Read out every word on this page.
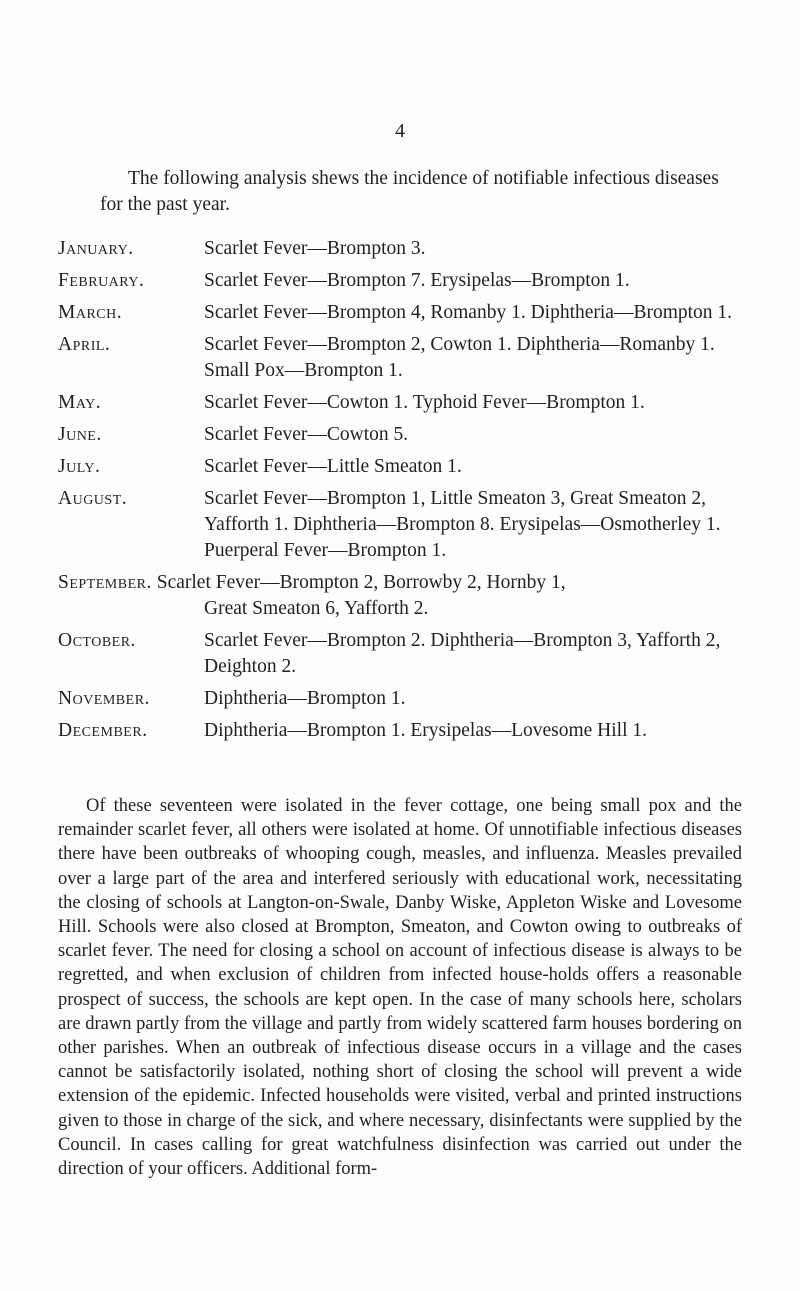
4
The following analysis shews the incidence of notifiable infectious diseases for the past year.
January.	Scarlet Fever—Brompton 3.
February.	Scarlet Fever—Brompton 7. Erysipelas—Brompton 1.
March.	Scarlet Fever—Brompton 4, Romanby 1. Diphtheria—Brompton 1.
April.	Scarlet Fever—Brompton 2, Cowton 1. Diphtheria—Romanby 1. Small Pox—Brompton 1.
May.	Scarlet Fever—Cowton 1. Typhoid Fever—Brompton 1.
June.	Scarlet Fever—Cowton 5.
July.	Scarlet Fever—Little Smeaton 1.
August.	Scarlet Fever—Brompton 1, Little Smeaton 3, Great Smeaton 2, Yafforth 1. Diphtheria—Brompton 8. Erysipelas—Osmotherley 1. Puerperal Fever—Brompton 1.
September. Scarlet Fever—Brompton 2, Borrowby 2, Hornby 1,
Great Smeaton 6, Yafforth 2.
October.	Scarlet Fever—Brompton 2. Diphtheria—Brompton 3, Yafforth 2, Deighton 2.
November.	Diphtheria—Brompton 1.
December.	Diphtheria—Brompton 1. Erysipelas—Lovesome Hill 1.
Of these seventeen were isolated in the fever cottage, one being small pox and the remainder scarlet fever, all others were isolated at home. Of unnotifiable infectious diseases there have been outbreaks of whooping cough, measles, and influenza. Measles prevailed over a large part of the area and interfered seriously with educational work, necessitating the closing of schools at Langton-on-Swale, Danby Wiske, Appleton Wiske and Lovesome Hill. Schools were also closed at Brompton, Smeaton, and Cowton owing to outbreaks of scarlet fever. The need for closing a school on account of infectious disease is always to be regretted, and when exclusion of children from infected house-holds offers a reasonable prospect of success, the schools are kept open. In the case of many schools here, scholars are drawn partly from the village and partly from widely scattered farm houses bordering on other parishes. When an outbreak of infectious disease occurs in a village and the cases cannot be satisfactorily isolated, nothing short of closing the school will prevent a wide extension of the epidemic. Infected households were visited, verbal and printed instructions given to those in charge of the sick, and where necessary, disinfectants were supplied by the Council. In cases calling for great watchfulness disinfection was carried out under the direction of your officers. Additional form-
